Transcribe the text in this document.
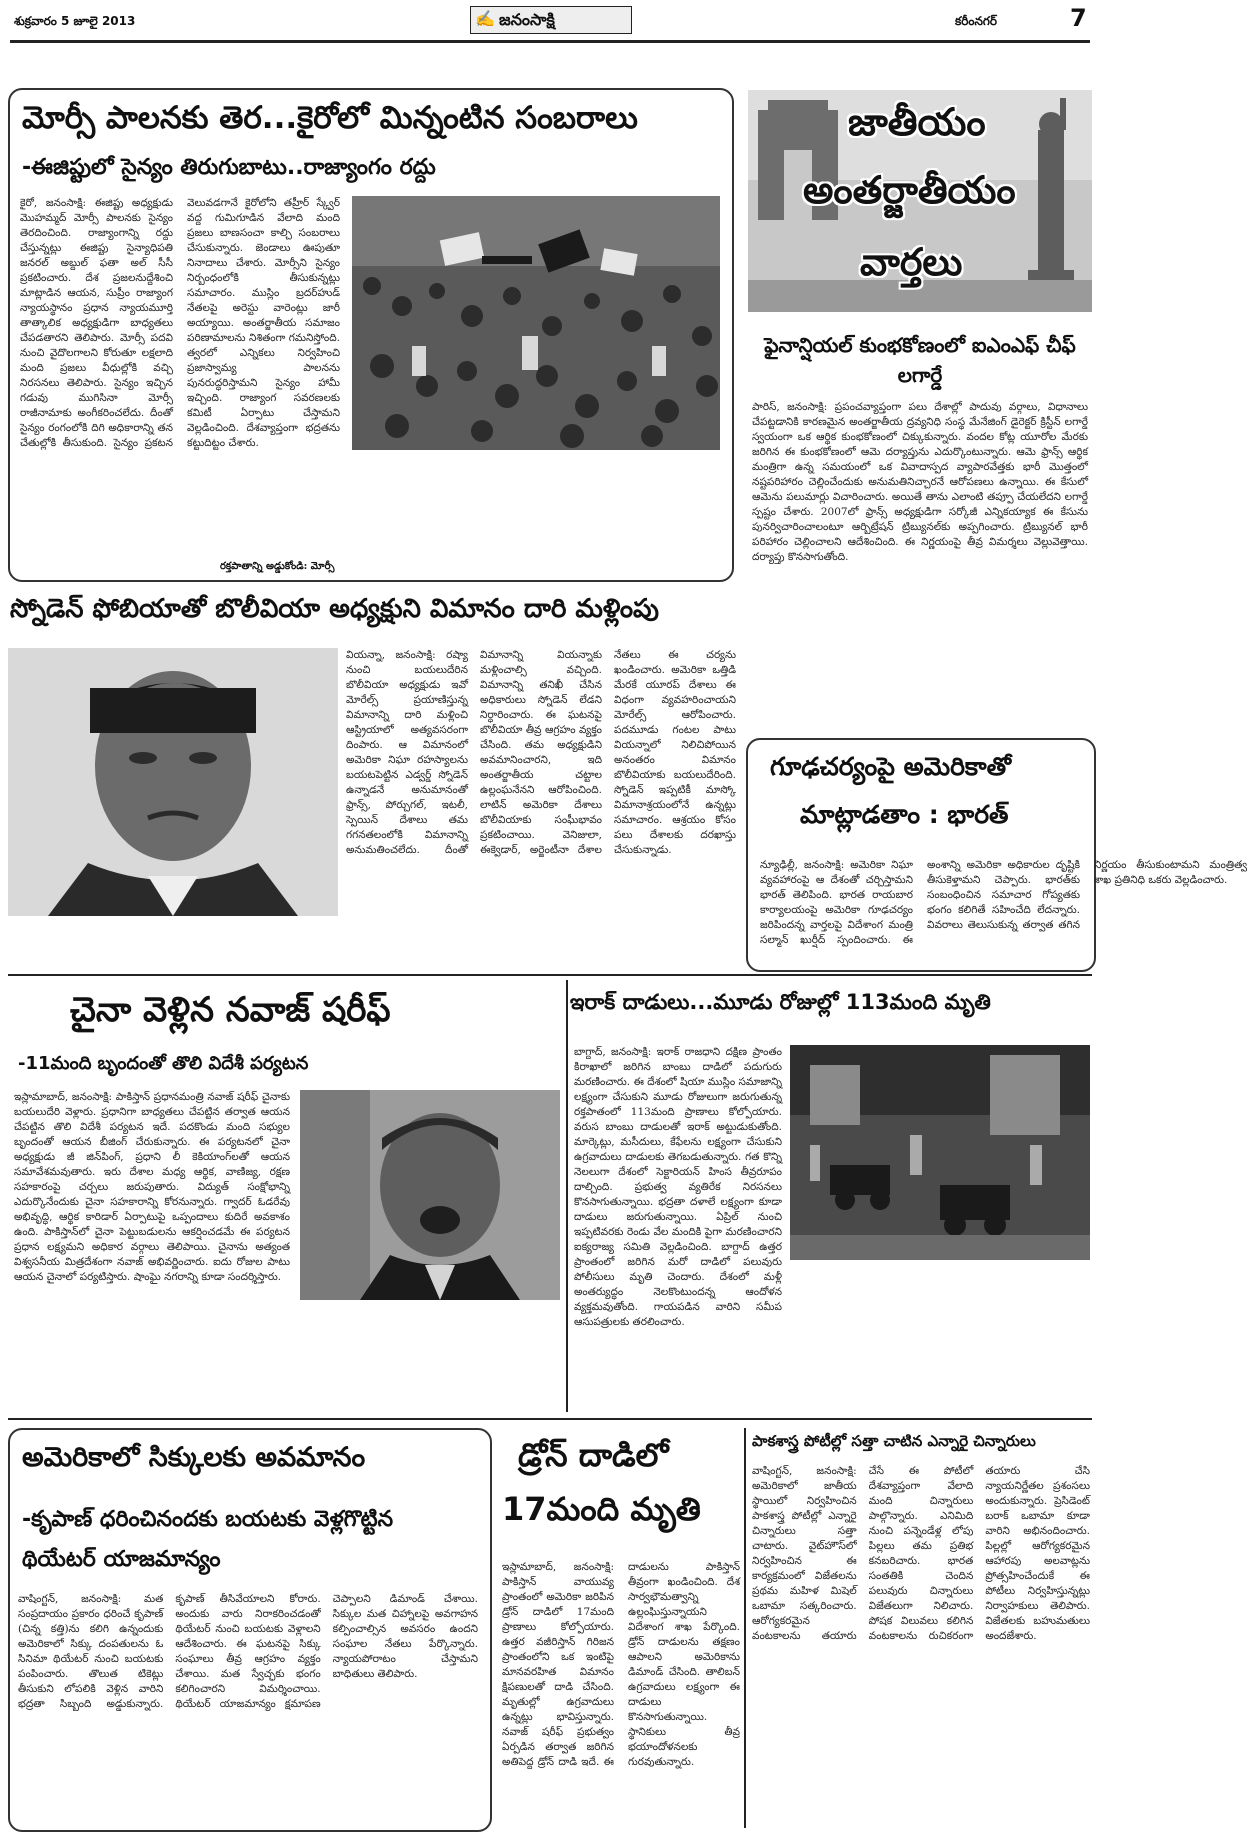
శుక్రవారం 5 జూలై 2013	✍ జనంసాక్షి	కరీంనగర్	7
మోర్సీ పాలనకు తెర...కైరోలో మిన్నంటిన సంబరాలు
-ఈజిప్టులో సైన్యం తిరుగుబాటు..రాజ్యాంగం రద్దు
కైరో, జనంసాక్షి: ఈజిప్టు అధ్యక్షుడు మొహమ్మద్ మోర్సీ పాలనకు సైన్యం తెరదించింది. రాజ్యాంగాన్ని రద్దు చేస్తున్నట్లు ఈజిప్టు సైన్యాధిపతి జనరల్ అబ్దుల్ ఫతా అల్ సీసీ ప్రకటించారు. దేశ ప్రజలనుద్దేశించి మాట్లాడిన ఆయన, సుప్రీం రాజ్యాంగ న్యాయస్థానం ప్రధాన న్యాయమూర్తి తాత్కాలిక అధ్యక్షుడిగా బాధ్యతలు చేపడతారని తెలిపారు. మోర్సీ పదవి నుంచి వైదొలగాలని కోరుతూ లక్షలాది మంది ప్రజలు వీధుల్లోకి వచ్చి నిరసనలు తెలిపారు. సైన్యం ఇచ్చిన గడువు ముగిసినా మోర్సీ రాజీనామాకు అంగీకరించలేదు. దీంతో సైన్యం రంగంలోకి దిగి అధికారాన్ని తన చేతుల్లోకి తీసుకుంది. సైన్యం ప్రకటన వెలువడగానే కైరోలోని తహ్రీర్ స్క్వేర్ వద్ద గుమిగూడిన వేలాది మంది ప్రజలు బాణసంచా కాల్చి సంబరాలు చేసుకున్నారు. జెండాలు ఊపుతూ నినాదాలు చేశారు. మోర్సీని సైన్యం నిర్బంధంలోకి తీసుకున్నట్లు సమాచారం. ముస్లిం బ్రదర్‌హుడ్ నేతలపై అరెస్టు వారెంట్లు జారీ అయ్యాయి. అంతర్జాతీయ సమాజం పరిణామాలను నిశితంగా గమనిస్తోంది. త్వరలో ఎన్నికలు నిర్వహించి ప్రజాస్వామ్య పాలనను పునరుద్ధరిస్తామని సైన్యం హామీ ఇచ్చింది. రాజ్యాంగ సవరణలకు కమిటీ ఏర్పాటు చేస్తామని వెల్లడించింది. దేశవ్యాప్తంగా భద్రతను కట్టుదిట్టం చేశారు.
రక్తపాతాన్ని అడ్డుకోండి: మోర్సీ
జాతీయం
అంతర్జాతీయం
వార్తలు
ఫైనాన్షియల్ కుంభకోణంలో ఐఎంఎఫ్ చీఫ్ లగార్డే
పారిస్, జనంసాక్షి: ప్రపంచవ్యాప్తంగా పలు దేశాల్లో పాదువు వర్గాలు, విధానాలు చేపట్టడానికి కారణమైన అంతర్జాతీయ ద్రవ్యనిధి సంస్థ మేనేజింగ్ డైరెక్టర్ క్రిస్టీన్ లగార్డే స్వయంగా ఒక ఆర్థిక కుంభకోణంలో చిక్కుకున్నారు. వందల కోట్ల యూరోల మేరకు జరిగిన ఈ కుంభకోణంలో ఆమె దర్యాప్తును ఎదుర్కొంటున్నారు. ఆమె ఫ్రాన్స్ ఆర్థిక మంత్రిగా ఉన్న సమయంలో ఒక వివాదాస్పద వ్యాపారవేత్తకు భారీ మొత్తంలో నష్టపరిహారం చెల్లించేందుకు అనుమతినిచ్చారనే ఆరోపణలు ఉన్నాయి. ఈ కేసులో ఆమెను పలుమార్లు విచారించారు. అయితే తాను ఎలాంటి తప్పూ చేయలేదని లగార్డే స్పష్టం చేశారు. 2007లో ఫ్రాన్స్ అధ్యక్షుడిగా సర్కోజీ ఎన్నికయ్యాక ఈ కేసును పునర్విచారించాలంటూ ఆర్బిట్రేషన్ ట్రిబ్యునల్‌కు అప్పగించారు. ట్రిబ్యునల్ భారీ పరిహారం చెల్లించాలని ఆదేశించింది. ఈ నిర్ణయంపై తీవ్ర విమర్శలు వెల్లువెత్తాయి. దర్యాప్తు కొనసాగుతోంది.
స్నోడెన్ ఫోబియాతో బొలీవియా అధ్యక్షుని విమానం దారి మళ్లింపు
వియన్నా, జనంసాక్షి: రష్యా నుంచి బయలుదేరిన బొలీవియా అధ్యక్షుడు ఇవో మోరేల్స్ ప్రయాణిస్తున్న విమానాన్ని దారి మళ్లించి ఆస్ట్రియాలో అత్యవసరంగా దింపారు. ఆ విమానంలో అమెరికా నిఘా రహస్యాలను బయటపెట్టిన ఎడ్వర్డ్ స్నోడెన్ ఉన్నాడనే అనుమానంతో ఫ్రాన్స్, పోర్చుగల్, ఇటలీ, స్పెయిన్ దేశాలు తమ గగనతలంలోకి విమానాన్ని అనుమతించలేదు. దీంతో విమానాన్ని వియన్నాకు మళ్లించాల్సి వచ్చింది. విమానాన్ని తనిఖీ చేసిన అధికారులు స్నోడెన్ లేడని నిర్ధారించారు. ఈ ఘటనపై బొలీవియా తీవ్ర ఆగ్రహం వ్యక్తం చేసింది. తమ అధ్యక్షుడిని అవమానించారని, ఇది అంతర్జాతీయ చట్టాల ఉల్లంఘనేనని ఆరోపించింది. లాటిన్ అమెరికా దేశాలు బొలీవియాకు సంఘీభావం ప్రకటించాయి. వెనిజులా, ఈక్వెడార్, అర్జెంటీనా దేశాల నేతలు ఈ చర్యను ఖండించారు. అమెరికా ఒత్తిడి మేరకే యూరప్ దేశాలు ఈ విధంగా వ్యవహరించాయని మోరేల్స్ ఆరోపించారు. పదమూడు గంటల పాటు వియన్నాలో నిలిచిపోయిన అనంతరం విమానం బొలీవియాకు బయలుదేరింది. స్నోడెన్ ఇప్పటికీ మాస్కో విమానాశ్రయంలోనే ఉన్నట్లు సమాచారం. ఆశ్రయం కోసం పలు దేశాలకు దరఖాస్తు చేసుకున్నాడు.
గూఢచర్యంపై అమెరికాతో
మాట్లాడతాం : భారత్
న్యూఢిల్లీ, జనంసాక్షి: అమెరికా నిఘా వ్యవహారంపై ఆ దేశంతో చర్చిస్తామని భారత్ తెలిపింది. భారత రాయబార కార్యాలయంపై అమెరికా గూఢచర్యం జరిపిందన్న వార్తలపై విదేశాంగ మంత్రి సల్మాన్ ఖుర్షీద్ స్పందించారు. ఈ అంశాన్ని అమెరికా అధికారుల దృష్టికి తీసుకెళ్తామని చెప్పారు. భారత్‌కు సంబంధించిన సమాచార గోప్యతకు భంగం కలిగితే సహించేది లేదన్నారు. వివరాలు తెలుసుకున్న తర్వాత తగిన నిర్ణయం తీసుకుంటామని మంత్రిత్వ శాఖ ప్రతినిధి ఒకరు వెల్లడించారు.
చైనా వెళ్లిన నవాజ్ షరీఫ్
-11మంది బృందంతో తొలి విదేశీ పర్యటన
ఇస్లామాబాద్, జనంసాక్షి: పాకిస్తాన్ ప్రధానమంత్రి నవాజ్ షరీఫ్ చైనాకు బయలుదేరి వెళ్లారు. ప్రధానిగా బాధ్యతలు చేపట్టిన తర్వాత ఆయన చేపట్టిన తొలి విదేశీ పర్యటన ఇదే. పదకొండు మంది సభ్యుల బృందంతో ఆయన బీజింగ్ చేరుకున్నారు. ఈ పర్యటనలో చైనా అధ్యక్షుడు జీ జిన్‌పింగ్, ప్రధాని లీ కెకియాంగ్‌లతో ఆయన సమావేశమవుతారు. ఇరు దేశాల మధ్య ఆర్థిక, వాణిజ్య, రక్షణ సహకారంపై చర్చలు జరుపుతారు. విద్యుత్ సంక్షోభాన్ని ఎదుర్కొనేందుకు చైనా సహకారాన్ని కోరనున్నారు. గ్వాదర్ ఓడరేవు అభివృద్ధి, ఆర్థిక కారిడార్ ఏర్పాటుపై ఒప్పందాలు కుదిరే అవకాశం ఉంది. పాకిస్తాన్‌లో చైనా పెట్టుబడులను ఆకర్షించడమే ఈ పర్యటన ప్రధాన లక్ష్యమని అధికార వర్గాలు తెలిపాయి. చైనాను అత్యంత విశ్వసనీయ మిత్రదేశంగా నవాజ్ అభివర్ణించారు. ఐదు రోజుల పాటు ఆయన చైనాలో పర్యటిస్తారు. షాంఘై నగరాన్ని కూడా సందర్శిస్తారు.
ఇరాక్ దాడులు...మూడు రోజుల్లో 113మంది మృతి
బాగ్దాద్, జనంసాక్షి: ఇరాక్ రాజధాని దక్షిణ ప్రాంతం కిరాఖాలో జరిగిన బాంబు దాడిలో పదుగురు మరణించారు. ఈ దేశంలో షియా ముస్లిం సమాజాన్ని లక్ష్యంగా చేసుకుని మూడు రోజులుగా జరుగుతున్న రక్తపాతంలో 113మంది ప్రాణాలు కోల్పోయారు. వరుస బాంబు దాడులతో ఇరాక్ అట్టుడుకుతోంది. మార్కెట్లు, మసీదులు, కేఫేలను లక్ష్యంగా చేసుకుని ఉగ్రవాదులు దాడులకు తెగబడుతున్నారు. గత కొన్ని నెలలుగా దేశంలో సెక్టారియన్ హింస తీవ్రరూపం దాల్చింది. ప్రభుత్వ వ్యతిరేక నిరసనలు కొనసాగుతున్నాయి. భద్రతా దళాలే లక్ష్యంగా కూడా దాడులు జరుగుతున్నాయి. ఏప్రిల్ నుంచి ఇప్పటివరకు రెండు వేల మందికి పైగా మరణించారని ఐక్యరాజ్య సమితి వెల్లడించింది. బాగ్దాద్ ఉత్తర ప్రాంతంలో జరిగిన మరో దాడిలో పలువురు పోలీసులు మృతి చెందారు. దేశంలో మళ్లీ అంతర్యుద్ధం నెలకొంటుందన్న ఆందోళన వ్యక్తమవుతోంది. గాయపడిన వారిని సమీప ఆసుపత్రులకు తరలించారు.
అమెరికాలో సిక్కులకు అవమానం
-కృపాణ్ ధరించినందకు బయటకు వెళ్లగొట్టిన థియేటర్ యాజమాన్యం
వాషింగ్టన్, జనంసాక్షి: మత సంప్రదాయం ప్రకారం ధరించే కృపాణ్ (చిన్న కత్తి)ను కలిగి ఉన్నందుకు అమెరికాలో సిక్కు దంపతులను ఓ సినిమా థియేటర్ నుంచి బయటకు పంపించారు. తొలుత టికెట్లు తీసుకుని లోపలికి వెళ్లిన వారిని భద్రతా సిబ్బంది అడ్డుకున్నారు. కృపాణ్ తీసివేయాలని కోరారు. అందుకు వారు నిరాకరించడంతో థియేటర్ నుంచి బయటకు వెళ్లాలని ఆదేశించారు. ఈ ఘటనపై సిక్కు సంఘాలు తీవ్ర ఆగ్రహం వ్యక్తం చేశాయి. మత స్వేచ్ఛకు భంగం కలిగించారని విమర్శించాయి. థియేటర్ యాజమాన్యం క్షమాపణ చెప్పాలని డిమాండ్ చేశాయి. సిక్కుల మత చిహ్నాలపై అవగాహన కల్పించాల్సిన అవసరం ఉందని సంఘాల నేతలు పేర్కొన్నారు. న్యాయపోరాటం చేస్తామని బాధితులు తెలిపారు.
డ్రోన్ దాడిలో
17మంది మృతి
ఇస్లామాబాద్, జనంసాక్షి: పాకిస్తాన్ వాయువ్య ప్రాంతంలో అమెరికా జరిపిన డ్రోన్ దాడిలో 17మంది ప్రాణాలు కోల్పోయారు. ఉత్తర వజీరిస్తాన్ గిరిజన ప్రాంతంలోని ఒక ఇంటిపై మానవరహిత విమానం క్షిపణులతో దాడి చేసింది. మృతుల్లో ఉగ్రవాదులు ఉన్నట్లు భావిస్తున్నారు. నవాజ్ షరీఫ్ ప్రభుత్వం ఏర్పడిన తర్వాత జరిగిన అతిపెద్ద డ్రోన్ దాడి ఇదే. ఈ దాడులను పాకిస్తాన్ తీవ్రంగా ఖండించింది. దేశ సార్వభౌమత్వాన్ని ఉల్లంఘిస్తున్నాయని విదేశాంగ శాఖ పేర్కొంది. డ్రోన్ దాడులను తక్షణం ఆపాలని అమెరికాను డిమాండ్ చేసింది. తాలిబన్ ఉగ్రవాదులు లక్ష్యంగా ఈ దాడులు కొనసాగుతున్నాయి. స్థానికులు తీవ్ర భయాందోళనలకు గురవుతున్నారు.
పాకశాస్త్ర పోటీల్లో సత్తా చాటిన ఎన్నారై చిన్నారులు
వాషింగ్టన్, జనంసాక్షి: అమెరికాలో జాతీయ స్థాయిలో నిర్వహించిన పాకశాస్త్ర పోటీల్లో ఎన్నారై చిన్నారులు సత్తా చాటారు. వైట్‌హౌస్‌లో నిర్వహించిన ఈ కార్యక్రమంలో విజేతలను ప్రథమ మహిళ మిషెల్ ఒబామా సత్కరించారు. ఆరోగ్యకరమైన వంటకాలను తయారు చేసే ఈ పోటీలో దేశవ్యాప్తంగా వేలాది మంది చిన్నారులు పాల్గొన్నారు. ఎనిమిది నుంచి పన్నెండేళ్ల లోపు పిల్లలు తమ ప్రతిభ కనబరిచారు. భారత సంతతికి చెందిన పలువురు చిన్నారులు విజేతలుగా నిలిచారు. పోషక విలువలు కలిగిన వంటకాలను రుచికరంగా తయారు చేసి న్యాయనిర్ణేతల ప్రశంసలు అందుకున్నారు. ప్రెసిడెంట్ బరాక్ ఒబామా కూడా వారిని అభినందించారు. పిల్లల్లో ఆరోగ్యకరమైన ఆహారపు అలవాట్లను ప్రోత్సహించేందుకే ఈ పోటీలు నిర్వహిస్తున్నట్లు నిర్వాహకులు తెలిపారు. విజేతలకు బహుమతులు అందజేశారు.
